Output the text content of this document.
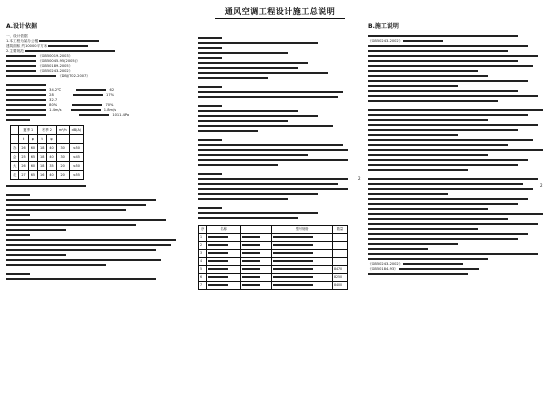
通风空调工程设计施工总说明
A.设计依据
一、设计依据
1.本工程为某办公楼
建筑面积 约10000平方米
2.主要规范
《GB50019-2003》
《GB50045-95(2005)》
《GB50189-2005》
《GB50243-2002》
《DBJ/T02-2007》
34.2℃	62
28	17%
32.7
80%	70%
1.4m/s	1.8m/s
1011.4Pa
	夏季 1		冬季 2		m³/h	dB(A)
	t	φ	t	φ		
办	26	60	18	40	30	≤50
会	25	65	18	40	30	≤45
大	26	60	18	35	20	≤50
走	27	65	16	40	20	≤55
序	名称		型号规格	数量
1				
2				
3				
4				
5				8470
6				8250
7				8400
2
B.施工说明
《GB50243-2002》
《GB50243-2002》
《GB50184-93》
2
